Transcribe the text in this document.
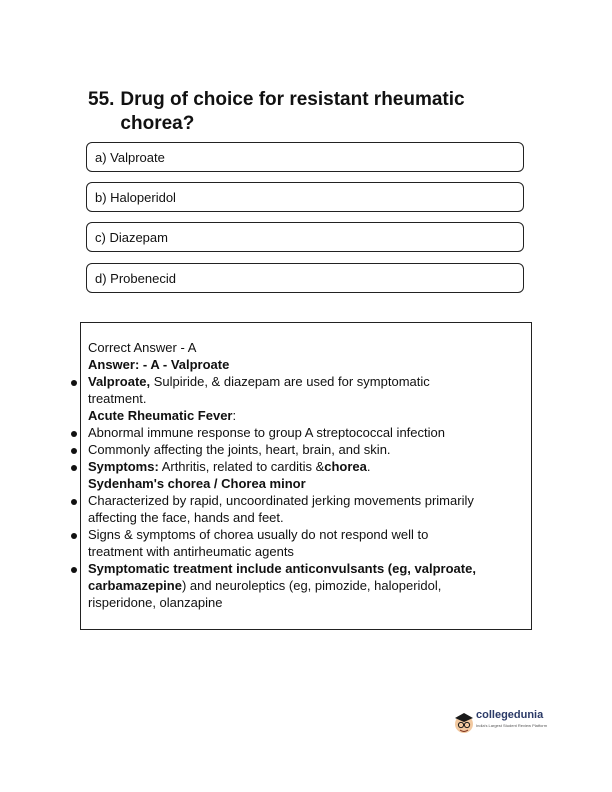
55. Drug of choice for resistant rheumatic chorea?
a) Valproate
b) Haloperidol
c) Diazepam
d) Probenecid
Correct Answer - A
Answer: - A - Valproate
Valproate, Sulpiride, & diazepam are used for symptomatic
treatment.
Acute Rheumatic Fever:
Abnormal immune response to group A streptococcal infection
Commonly affecting the joints, heart, brain, and skin.
Symptoms: Arthritis, related to carditis &chorea.
Sydenham's chorea / Chorea minor
Characterized by rapid, uncoordinated jerking movements primarily
affecting the face, hands and feet.
Signs & symptoms of chorea usually do not respond well to
treatment with antirheumatic agents
Symptomatic treatment include anticonvulsants (eg, valproate,
carbamazepine) and neuroleptics (eg, pimozide, haloperidol,
risperidone, olanzapine
collegedunia
India's Largest Student Review Platform
